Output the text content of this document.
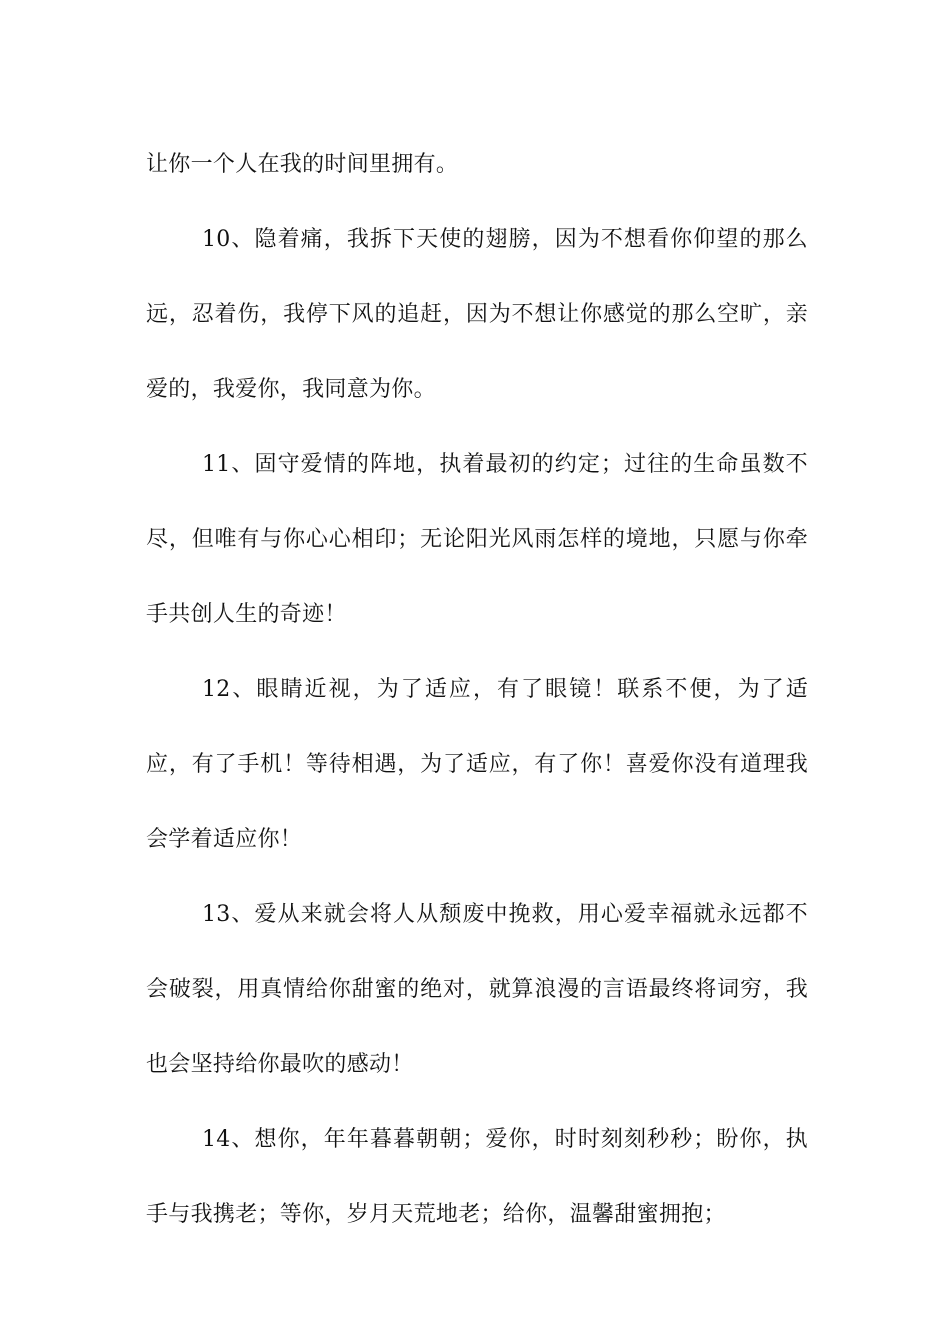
让你一个人在我的时间里拥有。

10、隐着痛，我拆下天使的翅膀，因为不想看你仰望的那么远，忍着伤，我停下风的追赶，因为不想让你感觉的那么空旷，亲爱的，我爱你，我同意为你。

11、固守爱情的阵地，执着最初的约定；过往的生命虽数不尽，但唯有与你心心相印；无论阳光风雨怎样的境地，只愿与你牵手共创人生的奇迹！

12、眼睛近视，为了适应，有了眼镜！联系不便，为了适应，有了手机！等待相遇，为了适应，有了你！喜爱你没有道理我会学着适应你！

13、爱从来就会将人从颓废中挽救，用心爱幸福就永远都不会破裂，用真情给你甜蜜的绝对，就算浪漫的言语最终将词穷，我也会坚持给你最吹的感动！

14、想你，年年暮暮朝朝；爱你，时时刻刻秒秒；盼你，执手与我携老；等你，岁月天荒地老；给你，温馨甜蜜拥抱；
